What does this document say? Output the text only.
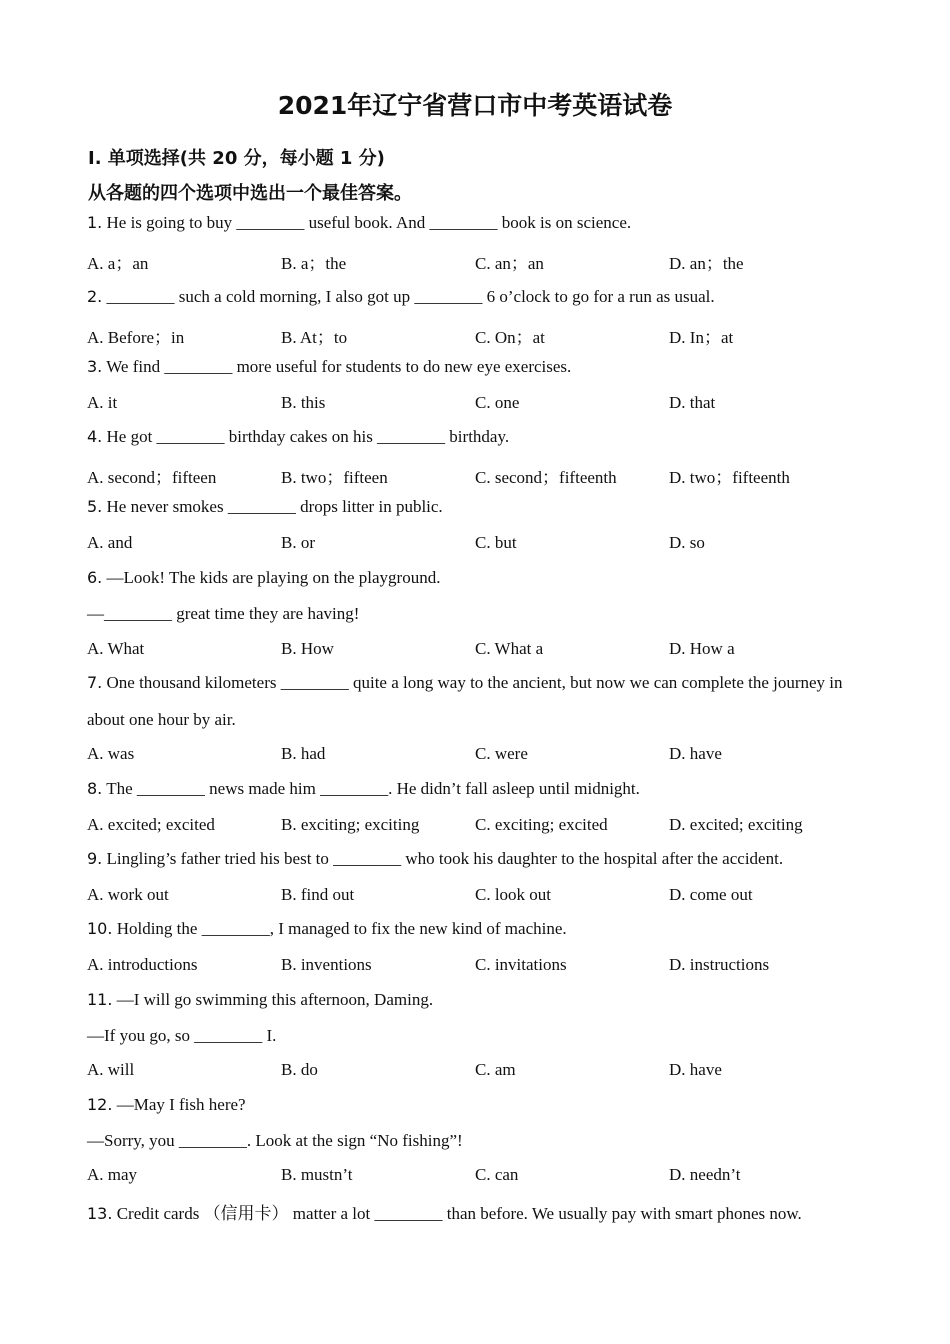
2021年辽宁省营口市中考英语试卷
Ⅰ. 单项选择(共 20 分，每小题 1 分)
从各题的四个选项中选出一个最佳答案。
1. He is going to buy ________ useful book. And ________ book is on science.
A. a；an	B. a；the	C. an；an	D. an；the
2. ________ such a cold morning, I also got up ________ 6 o’clock to go for a run as usual.
A. Before；in	B. At；to	C. On；at	D. In；at
3. We find ________ more useful for students to do new eye exercises.
A. it	B. this	C. one	D. that
4. He got ________ birthday cakes on his ________ birthday.
A. second；fifteen	B. two；fifteen	C. second；fifteenth	D. two；fifteenth
5. He never smokes ________ drops litter in public.
A. and	B. or	C. but	D. so
6. —Look! The kids are playing on the playground.
—________ great time they are having!
A. What	B. How	C. What a	D. How a
7. One thousand kilometers ________ quite a long way to the ancient, but now we can complete the journey in
about one hour by air.
A. was	B. had	C. were	D. have
8. The ________ news made him ________. He didn’t fall asleep until midnight.
A. excited; excited	B. exciting; exciting	C. exciting; excited	D. excited; exciting
9. Lingling’s father tried his best to ________ who took his daughter to the hospital after the accident.
A. work out	B. find out	C. look out	D. come out
10. Holding the ________, I managed to fix the new kind of machine.
A. introductions	B. inventions	C. invitations	D. instructions
11. —I will go swimming this afternoon, Daming.
—If you go, so ________ I.
A. will	B. do	C. am	D. have
12. —May I fish here?
—Sorry, you ________. Look at the sign “No fishing”!
A. may	B. mustn’t	C. can	D. needn’t
13. Credit cards （信用卡） matter a lot ________ than before. We usually pay with smart phones now.
